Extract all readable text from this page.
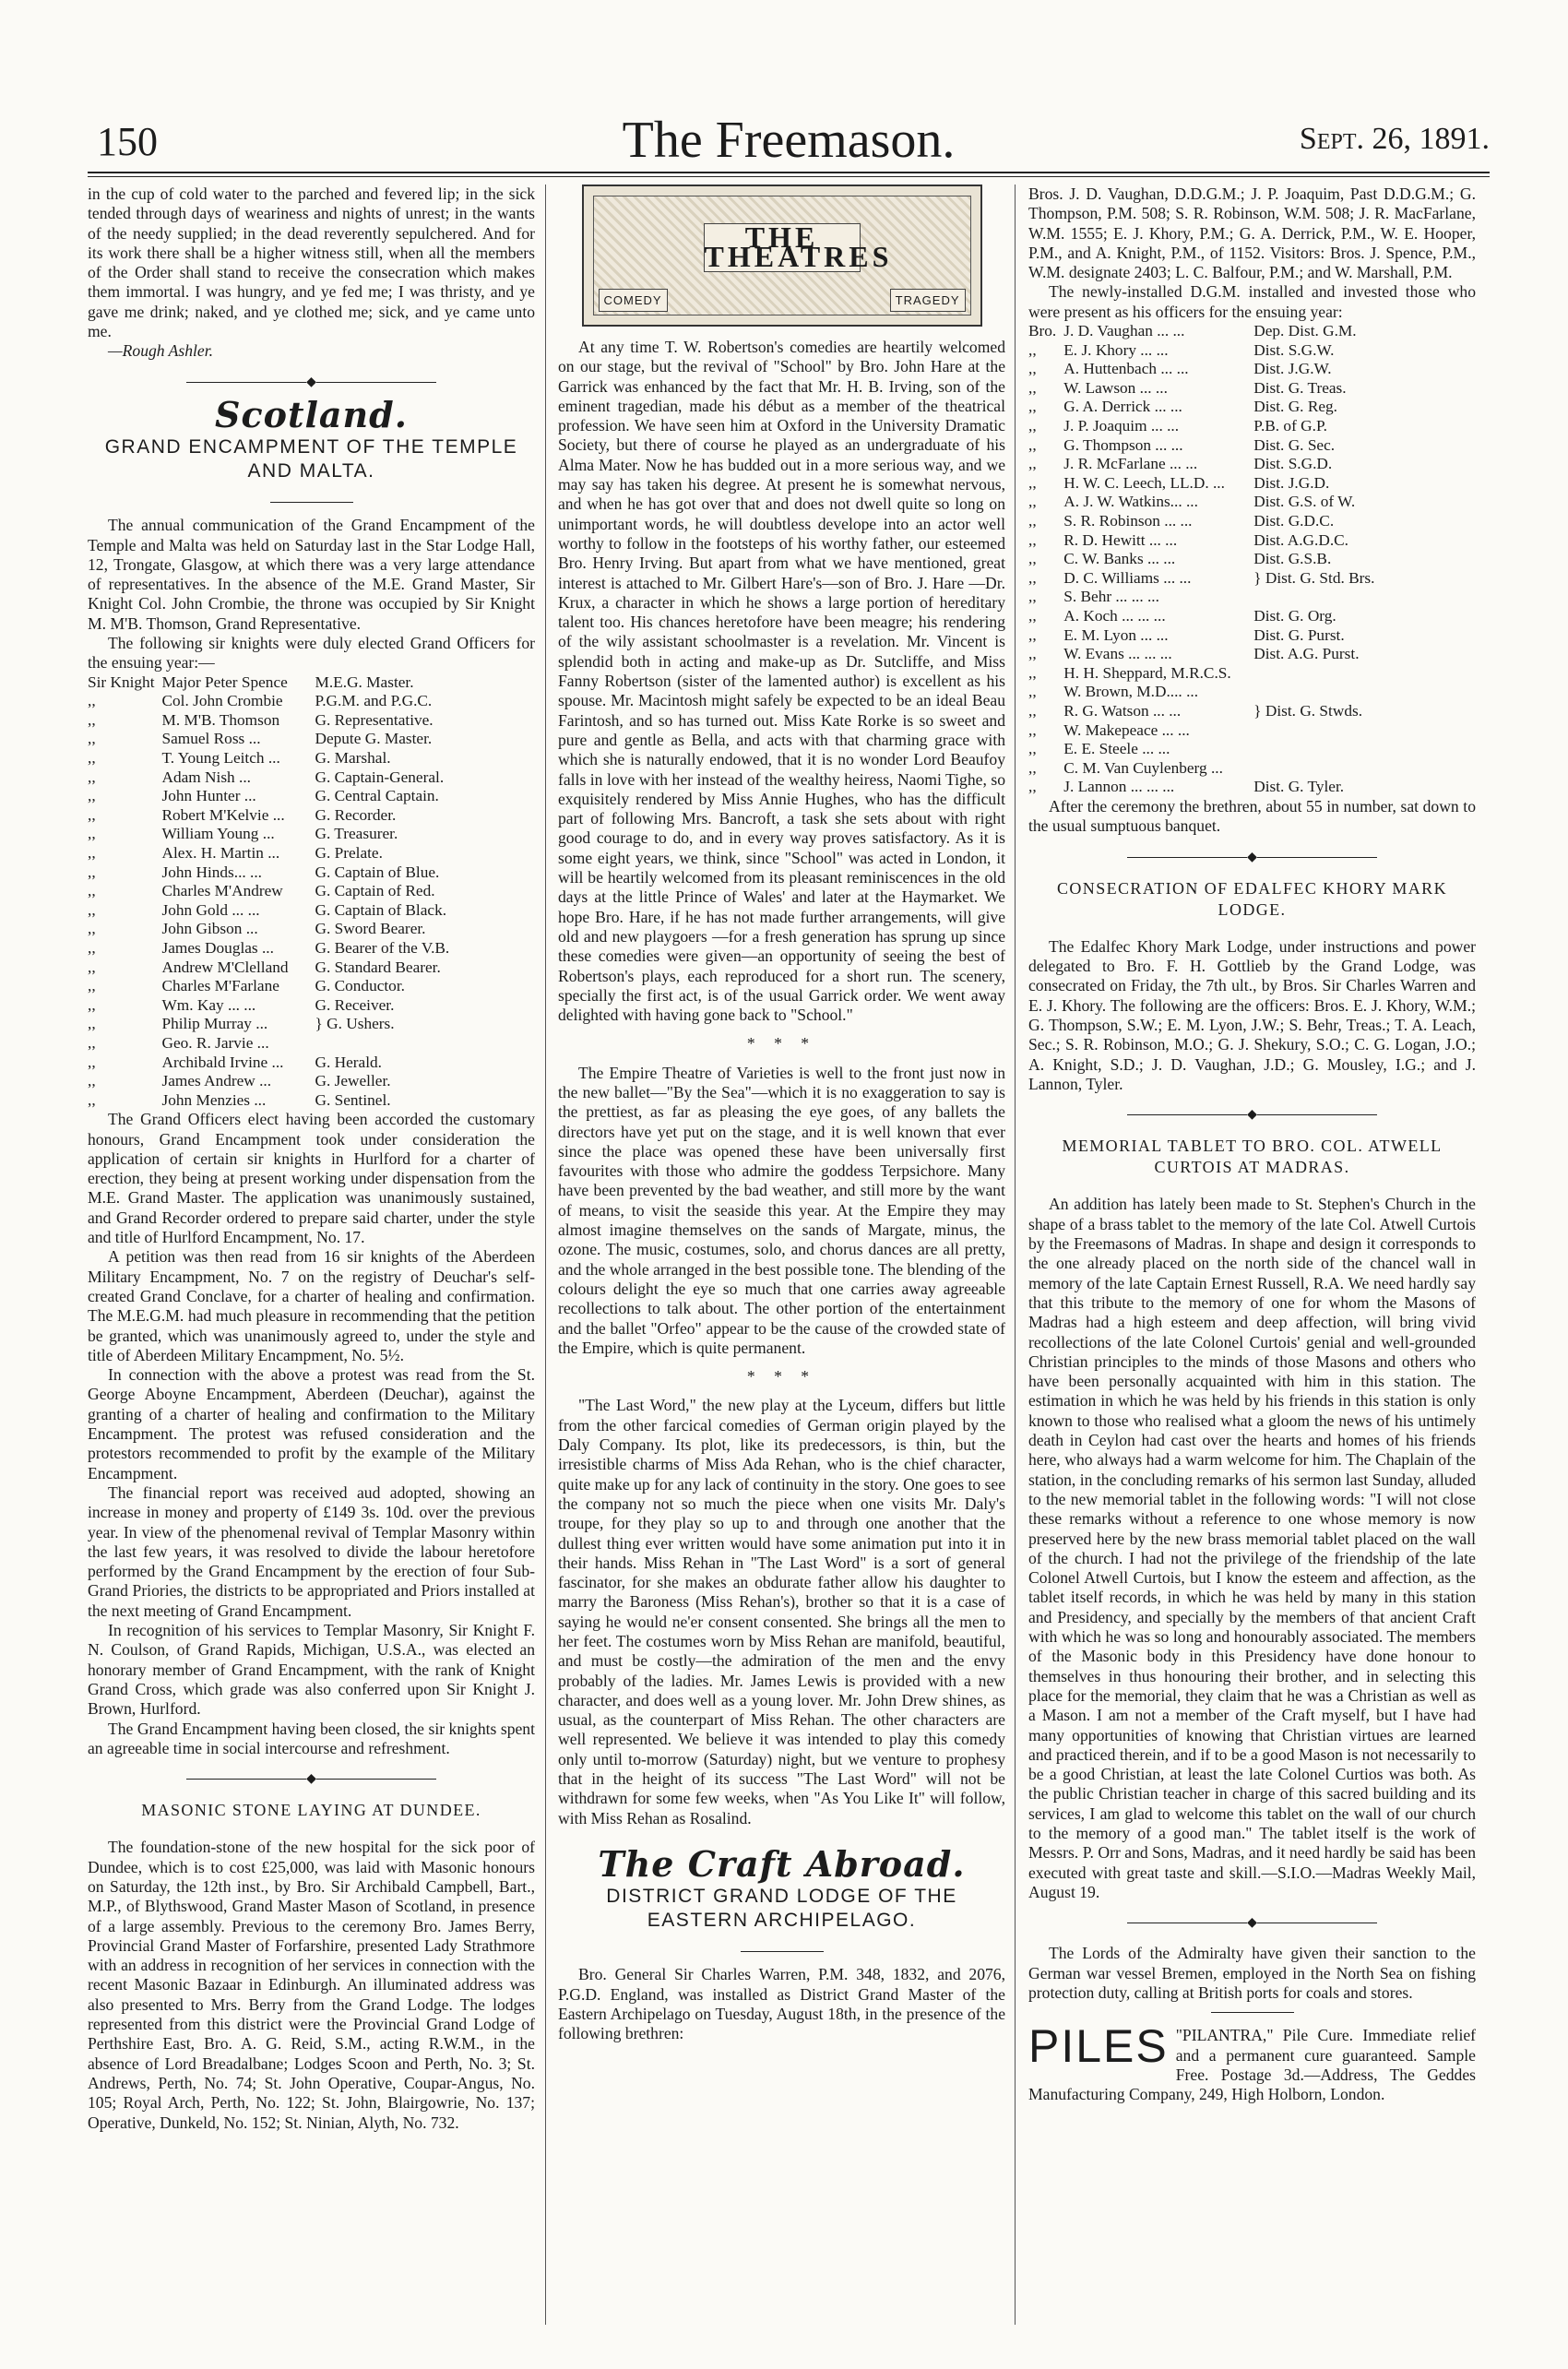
150	The Freemason.	Sept. 26, 1891.

in the cup of cold water to the parched and fevered lip; in the sick tended through days of weariness and nights of unrest; in the wants of the needy supplied; in the dead reverently sepulchered. And for its work there shall be a higher witness still, when all the members of the Order shall stand to receive the consecration which makes them immortal. I was hungry, and ye fed me; I was thristy, and ye gave me drink; naked, and ye clothed me; sick, and ye came unto me.

—Rough Ashler.

◆
Scotland.
GRAND ENCAMPMENT OF THE TEMPLE AND MALTA.

The annual communication of the Grand Encampment of the Temple and Malta was held on Saturday last in the Star Lodge Hall, 12, Trongate, Glasgow, at which there was a very large attendance of representatives. In the absence of the M.E. Grand Master, Sir Knight Col. John Crombie, the throne was occupied by Sir Knight M. M'B. Thomson, Grand Representative.

The following sir knights were duly elected Grand Officers for the ensuing year:—

Sir Knight	Major Peter Spence	M.E.G. Master.
,,	Col. John Crombie	P.G.M. and P.G.C.
,,	M. M'B. Thomson	G. Representative.
,,	Samuel Ross ...	Depute G. Master.
,,	T. Young Leitch ...	G. Marshal.
,,	Adam Nish ...	G. Captain-General.
,,	John Hunter ...	G. Central Captain.
,,	Robert M'Kelvie ...	G. Recorder.
,,	William Young ...	G. Treasurer.
,,	Alex. H. Martin ...	G. Prelate.
,,	John Hinds... ...	G. Captain of Blue.
,,	Charles M'Andrew	G. Captain of Red.
,,	John Gold ... ...	G. Captain of Black.
,,	John Gibson ...	G. Sword Bearer.
,,	James Douglas ...	G. Bearer of the V.B.
,,	Andrew M'Clelland	G. Standard Bearer.
,,	Charles M'Farlane	G. Conductor.
,,	Wm. Kay ... ...	G. Receiver.
,,	Philip Murray ...	} G. Ushers.
,,	Geo. R. Jarvie ...	
,,	Archibald Irvine ...	G. Herald.
,,	James Andrew ...	G. Jeweller.
,,	John Menzies ...	G. Sentinel.

The Grand Officers elect having been accorded the customary honours, Grand Encampment took under consideration the application of certain sir knights in Hurlford for a charter of erection, they being at present working under dispensation from the M.E. Grand Master. The application was unanimously sustained, and Grand Recorder ordered to prepare said charter, under the style and title of Hurlford Encampment, No. 17.

A petition was then read from 16 sir knights of the Aberdeen Military Encampment, No. 7 on the registry of Deuchar's self-created Grand Conclave, for a charter of healing and confirmation. The M.E.G.M. had much pleasure in recommending that the petition be granted, which was unanimously agreed to, under the style and title of Aberdeen Military Encampment, No. 5½.

In connection with the above a protest was read from the St. George Aboyne Encampment, Aberdeen (Deuchar), against the granting of a charter of healing and confirmation to the Military Encampment. The protest was refused consideration and the protestors recommended to profit by the example of the Military Encampment.

The financial report was received aud adopted, showing an increase in money and property of £149 3s. 10d. over the previous year. In view of the phenomenal revival of Templar Masonry within the last few years, it was resolved to divide the labour heretofore performed by the Grand Encampment by the erection of four Sub-Grand Priories, the districts to be appropriated and Priors installed at the next meeting of Grand Encampment.

In recognition of his services to Templar Masonry, Sir Knight F. N. Coulson, of Grand Rapids, Michigan, U.S.A., was elected an honorary member of Grand Encampment, with the rank of Knight Grand Cross, which grade was also conferred upon Sir Knight J. Brown, Hurlford.

The Grand Encampment having been closed, the sir knights spent an agreeable time in social intercourse and refreshment.

◆
MASONIC STONE LAYING AT DUNDEE.

The foundation-stone of the new hospital for the sick poor of Dundee, which is to cost £25,000, was laid with Masonic honours on Saturday, the 12th inst., by Bro. Sir Archibald Campbell, Bart., M.P., of Blythswood, Grand Master Mason of Scotland, in presence of a large assembly. Previous to the ceremony Bro. James Berry, Provincial Grand Master of Forfarshire, presented Lady Strathmore with an address in recognition of her services in connection with the recent Masonic Bazaar in Edinburgh. An illuminated address was also presented to Mrs. Berry from the Grand Lodge. The lodges represented from this district were the Provincial Grand Lodge of Perthshire East, Bro. A. G. Reid, S.M., acting R.W.M., in the absence of Lord Breadalbane; Lodges Scoon and Perth, No. 3; St. Andrews, Perth, No. 74; St. John Operative, Coupar-Angus, No. 105; Royal Arch, Perth, No. 122; St. John, Blairgowrie, No. 137; Operative, Dunkeld, No. 152; St. Ninian, Alyth, No. 732.

THE THEATRES
COMEDY	TRAGEDY

At any time T. W. Robertson's comedies are heartily welcomed on our stage, but the revival of "School" by Bro. John Hare at the Garrick was enhanced by the fact that Mr. H. B. Irving, son of the eminent tragedian, made his début as a member of the theatrical profession. We have seen him at Oxford in the University Dramatic Society, but there of course he played as an undergraduate of his Alma Mater. Now he has budded out in a more serious way, and we may say has taken his degree. At present he is somewhat nervous, and when he has got over that and does not dwell quite so long on unimportant words, he will doubtless develope into an actor well worthy to follow in the footsteps of his worthy father, our esteemed Bro. Henry Irving. But apart from what we have mentioned, great interest is attached to Mr. Gilbert Hare's—son of Bro. J. Hare —Dr. Krux, a character in which he shows a large portion of hereditary talent too. His chances heretofore have been meagre; his rendering of the wily assistant schoolmaster is a revelation. Mr. Vincent is splendid both in acting and make-up as Dr. Sutcliffe, and Miss Fanny Robertson (sister of the lamented author) is excellent as his spouse. Mr. Macintosh might safely be expected to be an ideal Beau Farintosh, and so has turned out. Miss Kate Rorke is so sweet and pure and gentle as Bella, and acts with that charming grace with which she is naturally endowed, that it is no wonder Lord Beaufoy falls in love with her instead of the wealthy heiress, Naomi Tighe, so exquisitely rendered by Miss Annie Hughes, who has the difficult part of following Mrs. Bancroft, a task she sets about with right good courage to do, and in every way proves satisfactory. As it is some eight years, we think, since "School" was acted in London, it will be heartily welcomed from its pleasant reminiscences in the old days at the little Prince of Wales' and later at the Haymarket. We hope Bro. Hare, if he has not made further arrangements, will give old and new playgoers —for a fresh generation has sprung up since these comedies were given—an opportunity of seeing the best of Robertson's plays, each reproduced for a short run. The scenery, specially the first act, is of the usual Garrick order. We went away delighted with having gone back to "School."

* * *

The Empire Theatre of Varieties is well to the front just now in the new ballet—"By the Sea"—which it is no exaggeration to say is the prettiest, as far as pleasing the eye goes, of any ballets the directors have yet put on the stage, and it is well known that ever since the place was opened these have been universally first favourites with those who admire the goddess Terpsichore. Many have been prevented by the bad weather, and still more by the want of means, to visit the seaside this year. At the Empire they may almost imagine themselves on the sands of Margate, minus, the ozone. The music, costumes, solo, and chorus dances are all pretty, and the whole arranged in the best possible tone. The blending of the colours delight the eye so much that one carries away agreeable recollections to talk about. The other portion of the entertainment and the ballet "Orfeo" appear to be the cause of the crowded state of the Empire, which is quite permanent.

* * *

"The Last Word," the new play at the Lyceum, differs but little from the other farcical comedies of German origin played by the Daly Company. Its plot, like its predecessors, is thin, but the irresistible charms of Miss Ada Rehan, who is the chief character, quite make up for any lack of continuity in the story. One goes to see the company not so much the piece when one visits Mr. Daly's troupe, for they play so up to and through one another that the dullest thing ever written would have some animation put into it in their hands. Miss Rehan in "The Last Word" is a sort of general fascinator, for she makes an obdurate father allow his daughter to marry the Baroness (Miss Rehan's), brother so that it is a case of saying he would ne'er consent consented. She brings all the men to her feet. The costumes worn by Miss Rehan are manifold, beautiful, and must be costly—the admiration of the men and the envy probably of the ladies. Mr. James Lewis is provided with a new character, and does well as a young lover. Mr. John Drew shines, as usual, as the counterpart of Miss Rehan. The other characters are well represented. We believe it was intended to play this comedy only until to-morrow (Saturday) night, but we venture to prophesy that in the height of its success "The Last Word" will not be withdrawn for some few weeks, when "As You Like It" will follow, with Miss Rehan as Rosalind.

The Craft Abroad.
DISTRICT GRAND LODGE OF THE EASTERN ARCHIPELAGO.

Bro. General Sir Charles Warren, P.M. 348, 1832, and 2076, P.G.D. England, was installed as District Grand Master of the Eastern Archipelago on Tuesday, August 18th, in the presence of the following brethren:

Bros. J. D. Vaughan, D.D.G.M.; J. P. Joaquim, Past D.D.G.M.; G. Thompson, P.M. 508; S. R. Robinson, W.M. 508; J. R. MacFarlane, W.M. 1555; E. J. Khory, P.M.; G. A. Derrick, P.M., W. E. Hooper, P.M., and A. Knight, P.M., of 1152. Visitors: Bros. J. Spence, P.M., W.M. designate 2403; L. C. Balfour, P.M.; and W. Marshall, P.M.

The newly-installed D.G.M. installed and invested those who were present as his officers for the ensuing year:

Bro.	J. D. Vaughan ... ...	Dep. Dist. G.M.
,,	E. J. Khory ... ...	Dist. S.G.W.
,,	A. Huttenbach ... ...	Dist. J.G.W.
,,	W. Lawson ... ...	Dist. G. Treas.
,,	G. A. Derrick ... ...	Dist. G. Reg.
,,	J. P. Joaquim ... ...	P.B. of G.P.
,,	G. Thompson ... ...	Dist. G. Sec.
,,	J. R. McFarlane ... ...	Dist. S.G.D.
,,	H. W. C. Leech, LL.D. ...	Dist. J.G.D.
,,	A. J. W. Watkins... ...	Dist. G.S. of W.
,,	S. R. Robinson ... ...	Dist. G.D.C.
,,	R. D. Hewitt ... ...	Dist. A.G.D.C.
,,	C. W. Banks ... ...	Dist. G.S.B.
,,	D. C. Williams ... ...	} Dist. G. Std. Brs.
,,	S. Behr ... ... ...	
,,	A. Koch ... ... ...	Dist. G. Org.
,,	E. M. Lyon ... ...	Dist. G. Purst.
,,	W. Evans ... ... ...	Dist. A.G. Purst.
,,	H. H. Sheppard, M.R.C.S.	
,,	W. Brown, M.D.... ...	
,,	R. G. Watson ... ...	} Dist. G. Stwds.
,,	W. Makepeace ... ...	
,,	E. E. Steele ... ...	
,,	C. M. Van Cuylenberg ...	
,,	J. Lannon ... ... ...	Dist. G. Tyler.

After the ceremony the brethren, about 55 in number, sat down to the usual sumptuous banquet.

◆
CONSECRATION OF EDALFEC KHORY MARK LODGE.

The Edalfec Khory Mark Lodge, under instructions and power delegated to Bro. F. H. Gottlieb by the Grand Lodge, was consecrated on Friday, the 7th ult., by Bros. Sir Charles Warren and E. J. Khory. The following are the officers: Bros. E. J. Khory, W.M.; G. Thompson, S.W.; E. M. Lyon, J.W.; S. Behr, Treas.; T. A. Leach, Sec.; S. R. Robinson, M.O.; G. J. Shekury, S.O.; C. G. Logan, J.O.; A. Knight, S.D.; J. D. Vaughan, J.D.; G. Mousley, I.G.; and J. Lannon, Tyler.

◆
MEMORIAL TABLET TO BRO. COL. ATWELL CURTOIS AT MADRAS.

An addition has lately been made to St. Stephen's Church in the shape of a brass tablet to the memory of the late Col. Atwell Curtois by the Freemasons of Madras. In shape and design it corresponds to the one already placed on the north side of the chancel wall in memory of the late Captain Ernest Russell, R.A. We need hardly say that this tribute to the memory of one for whom the Masons of Madras had a high esteem and deep affection, will bring vivid recollections of the late Colonel Curtois' genial and well-grounded Christian principles to the minds of those Masons and others who have been personally acquainted with him in this station. The estimation in which he was held by his friends in this station is only known to those who realised what a gloom the news of his untimely death in Ceylon had cast over the hearts and homes of his friends here, who always had a warm welcome for him. The Chaplain of the station, in the concluding remarks of his sermon last Sunday, alluded to the new memorial tablet in the following words: "I will not close these remarks without a reference to one whose memory is now preserved here by the new brass memorial tablet placed on the wall of the church. I had not the privilege of the friendship of the late Colonel Atwell Curtois, but I know the esteem and affection, as the tablet itself records, in which he was held by many in this station and Presidency, and specially by the members of that ancient Craft with which he was so long and honourably associated. The members of the Masonic body in this Presidency have done honour to themselves in thus honouring their brother, and in selecting this place for the memorial, they claim that he was a Christian as well as a Mason. I am not a member of the Craft myself, but I have had many opportunities of knowing that Christian virtues are learned and practiced therein, and if to be a good Mason is not necessarily to be a good Christian, at least the late Colonel Curtios was both. As the public Christian teacher in charge of this sacred building and its services, I am glad to welcome this tablet on the wall of our church to the memory of a good man." The tablet itself is the work of Messrs. P. Orr and Sons, Madras, and it need hardly be said has been executed with great taste and skill.—S.I.O.—Madras Weekly Mail, August 19.

◆

The Lords of the Admiralty have given their sanction to the German war vessel Bremen, employed in the North Sea on fishing protection duty, calling at British ports for coals and stores.

PILES "PILANTRA," Pile Cure. Immediate relief and a permanent cure guaranteed. Sample Free. Postage 3d.—Address, The Geddes Manufacturing Company, 249, High Holborn, London.
